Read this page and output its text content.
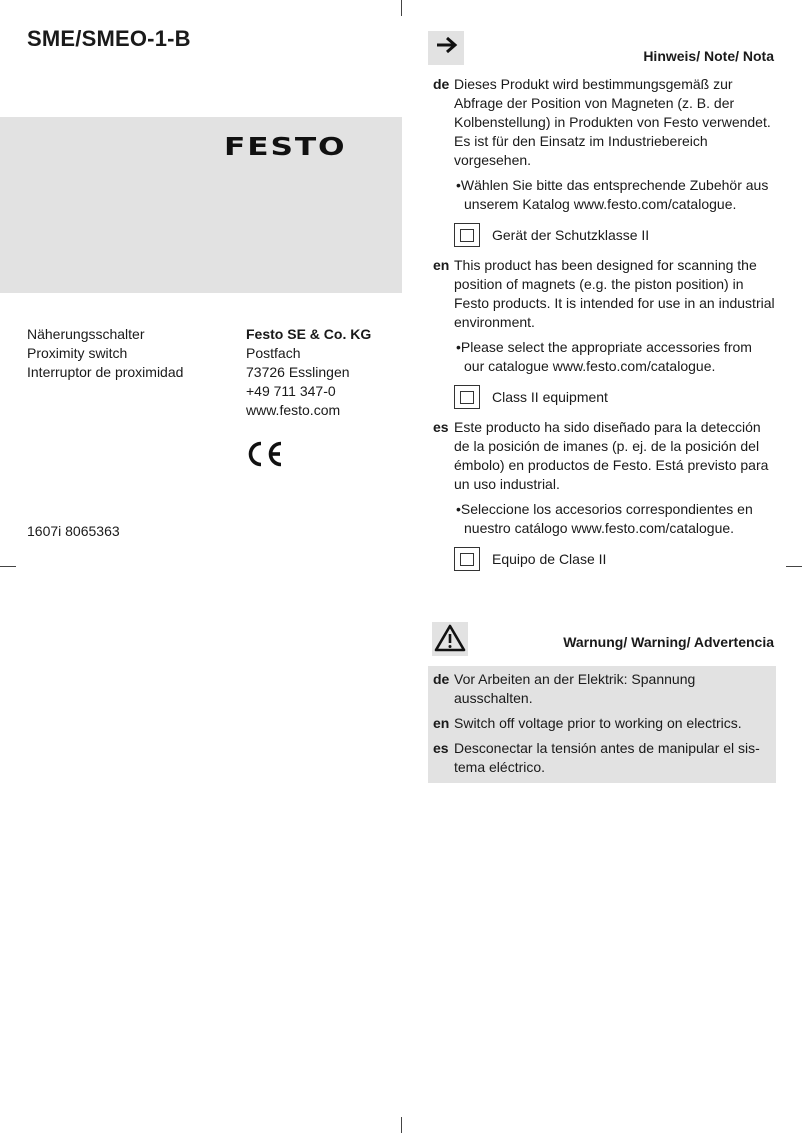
SME/SMEO-1-B
FESTO
Näherungsschalter
Proximity switch
Interruptor de proximidad
Festo SE & Co. KG
Postfach
73726 Esslingen
+49 711 347-0
www.festo.com
1607i 8065363
Hinweis/ Note/ Nota
de Dieses Produkt wird bestimmungsgemäß zur Abfrage der Position von Magneten (z. B. der Kolbenstellung) in Produkten von Festo verwendet. Es ist für den Einsatz im Industriebereich vorgesehen.
•Wählen Sie bitte das entsprechende Zubehör aus unserem Katalog www.festo.com/catalogue.
Gerät der Schutzklasse II
en This product has been designed for scanning the position of magnets (e.g. the piston position) in Festo products. It is intended for use in an industrial environment.
•Please select the appropriate accessories from our catalogue www.festo.com/catalogue.
Class II equipment
es Este producto ha sido diseñado para la detección de la posición de imanes (p. ej. de la posición del émbolo) en productos de Festo. Está previsto para un uso industrial.
•Seleccione los accesorios correspondientes en nuestro catálogo www.festo.com/catalogue.
Equipo de Clase II
Warnung/ Warning/ Advertencia
de Vor Arbeiten an der Elektrik: Spannung ausschalten.
en Switch off voltage prior to working on electrics.
es Desconectar la tensión antes de manipular el sistema eléctrico.
